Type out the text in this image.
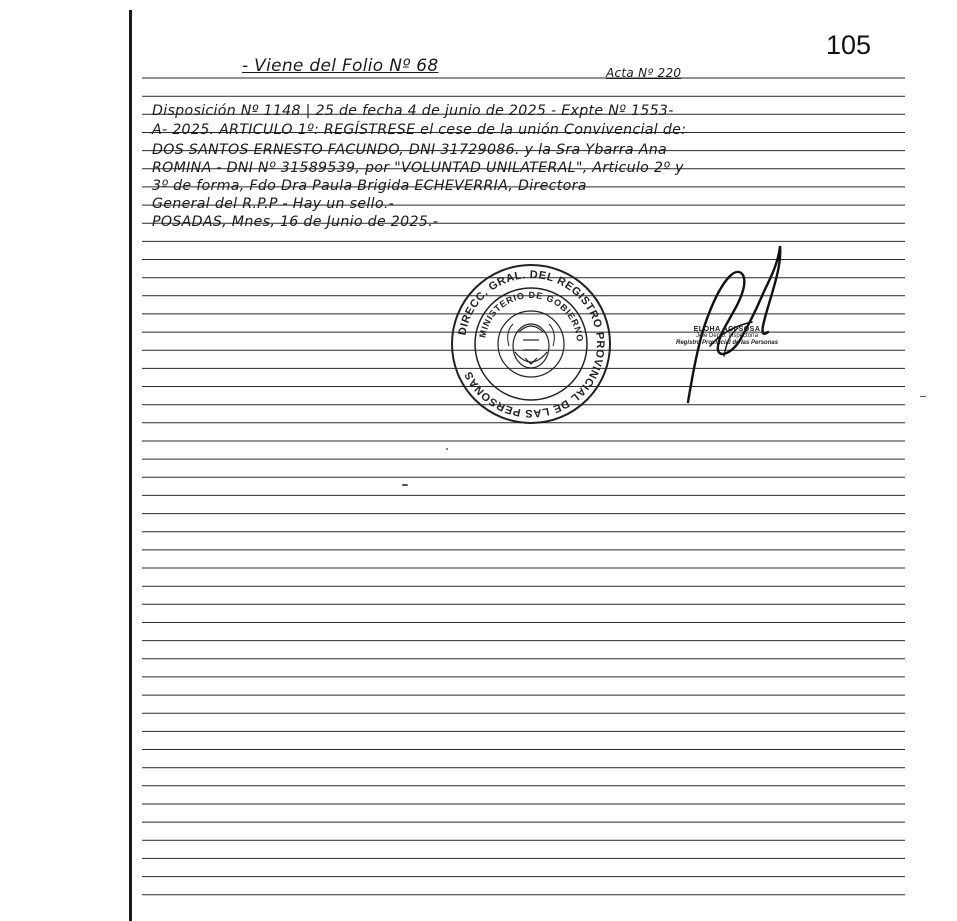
105
- Viene del Folio Nº 68	Acta Nº 220
Disposición Nº 1148 | 25 de fecha 4 de junio de 2025 - Expte Nº 1553-
A- 2025. ARTICULO 1º: REGÍSTRESE el cese de la unión Convivencial de:
DOS SANTOS ERNESTO FACUNDO, DNI 31729086. y la Sra Ybarra Ana
ROMINA - DNI Nº 31589539, por "VOLUNTAD UNILATERAL", Articulo 2º y
3º de forma, Fdo Dra Paula Brigida ECHEVERRIA, Directora
General del R.P.P - Hay un sello.-
POSADAS, Mnes, 16 de Junio de 2025.-
DIRECC. GRAL. DEL REGISTRO PROVINCIAL DE LAS PERSONAS
MINISTERIO DE GOBIERNO
ELOHA ACI SOSA
Jefe Depto. Inspectoría
Registro Provincial de las Personas
